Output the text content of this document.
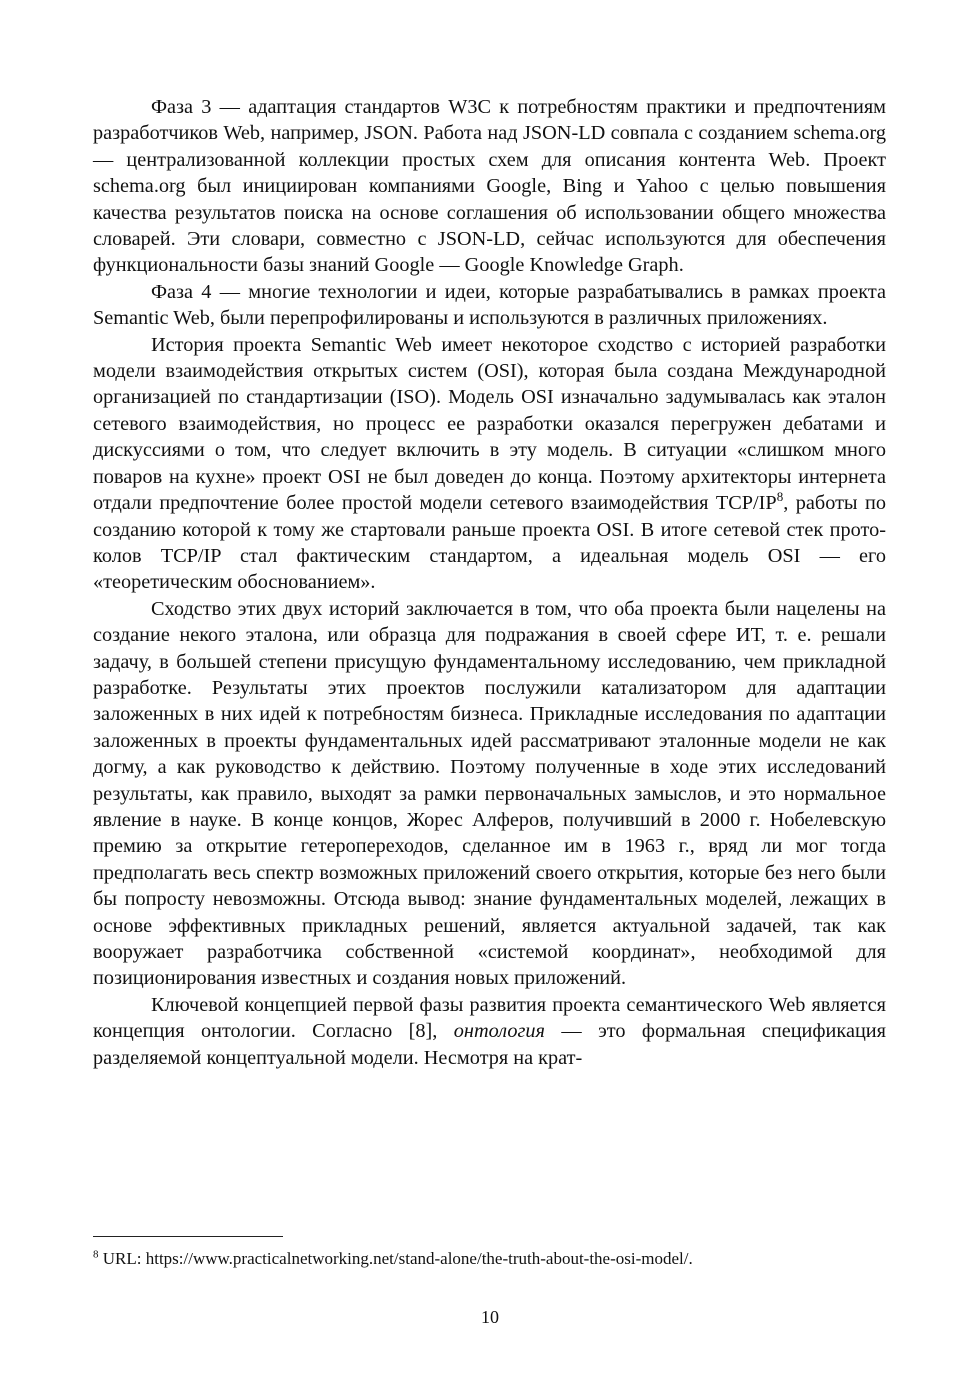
Фаза 3 — адаптация стандартов W3C к потребностям практики и предпочтениям разработчиков Web, например, JSON. Работа над JSON-LD совпала с созданием schema.org — централизованной коллекции простых схем для описания контента Web. Проект schema.org был инициирован компаниями Google, Bing и Yahoo с целью повышения качества результатов поиска на основе соглашения об использовании общего множества словарей. Эти словари, совместно с JSON-LD, сейчас используются для обеспечения функциональности базы знаний Google — Google Knowledge Graph.

Фаза 4 — многие технологии и идеи, которые разрабатывались в рамках проекта Semantic Web, были перепрофилированы и используются в различных приложениях.

История проекта Semantic Web имеет некоторое сходство с историей разработки модели взаимодействия открытых систем (OSI), которая была создана Международной организацией по стандартизации (ISO). Модель OSI изначально задумывалась как эталон сетевого взаимодействия, но процесс ее разработки оказался перегружен дебатами и дискуссиями о том, что следует включить в эту модель. В ситуации «слишком много поваров на кухне» проект OSI не был доведен до конца. Поэтому архитекторы интернета отдали предпочтение более простой модели сетевого взаимодействия TCP/$IP^8$, работы по созданию которой к тому же стартовали раньше проекта OSI. В итоге сетевой стек протоколов TCP/IP стал фактическим стандартом, а идеальная модель OSI — его «теоретическим обоснованием».

Сходство этих двух историй заключается в том, что оба проекта были нацелены на создание некого эталона, или образца для подражания в своей сфере ИТ, т. е. решали задачу, в большей степени присущую фундаментальному исследованию, чем прикладной разработке. Результаты этих проектов послужили катализатором для адаптации заложенных в них идей к потребностям бизнеса. Прикладные исследования по адаптации заложенных в проекты фундаментальных идей рассматривают эталонные модели не как догму, а как руководство к действию. Поэтому полученные в ходе этих исследований результаты, как правило, выходят за рамки первоначальных замыслов, и это нормальное явление в науке. В конце концов, Жорес Алферов, получивший в 2000 г. Нобелевскую премию за открытие гетеропереходов, сделанное им в 1963 г., вряд ли мог тогда предполагать весь спектр возможных приложений своего открытия, которые без него были бы попросту невозможны. Отсюда вывод: знание фундаментальных моделей, лежащих в основе эффективных прикладных решений, является актуальной задачей, так как вооружает разработчика собственной «системой координат», необходимой для позиционирования известных и создания новых приложений.

Ключевой концепцией первой фазы развития проекта семантического Web является концепция онтологии. Согласно [8], онтология — это формальная спецификация разделяемой концептуальной модели. Несмотря на крат-

$^8$ URL: https://www.practicalnetworking.net/stand-alone/the-truth-about-the-osi-model/.
10
